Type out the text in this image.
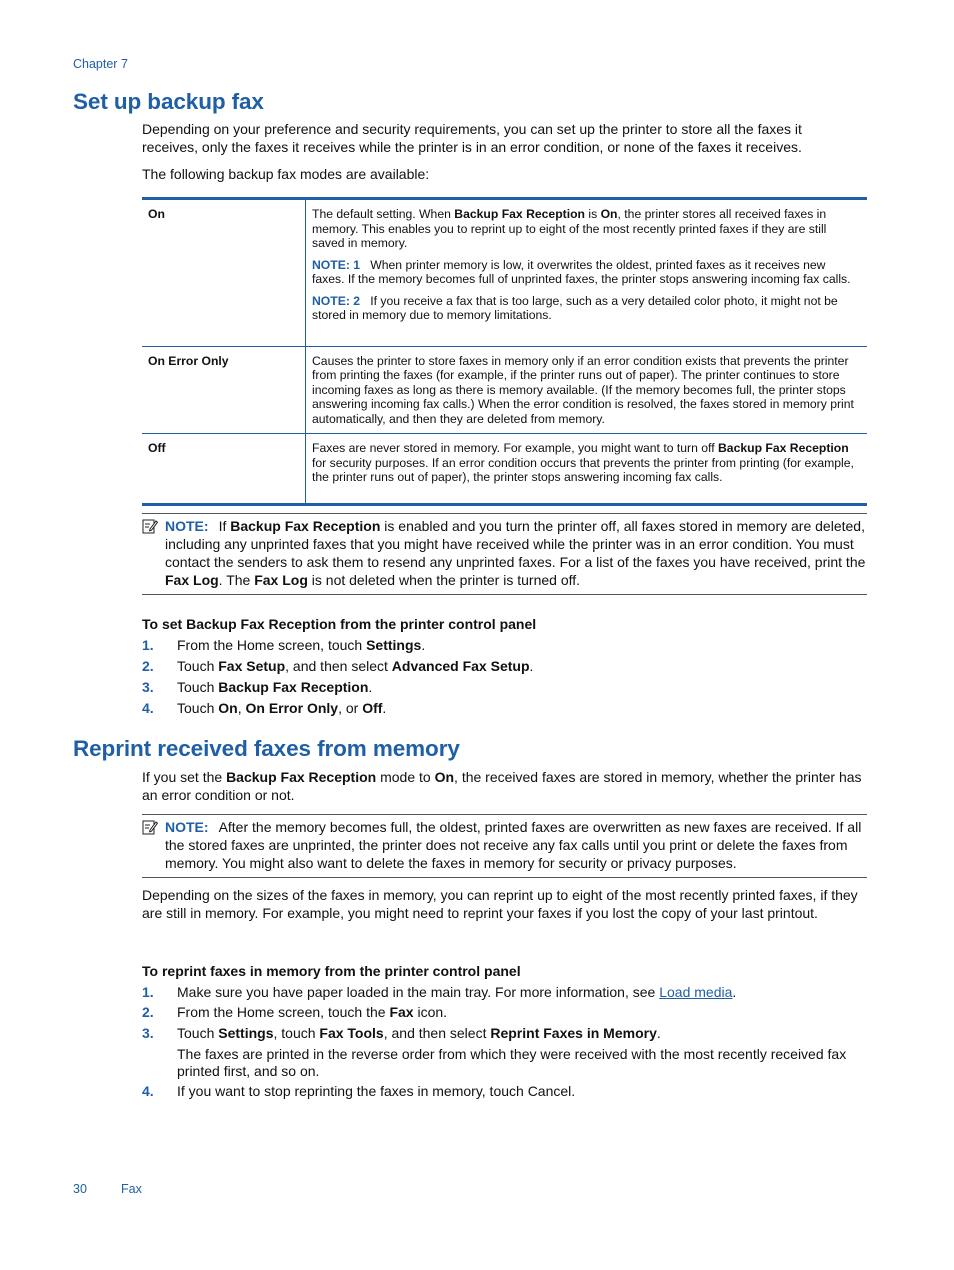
Chapter 7
Set up backup fax

Depending on your preference and security requirements, you can set up the printer to store all the faxes it receives, only the faxes it receives while the printer is in an error condition, or none of the faxes it receives.

The following backup fax modes are available:

On	The default setting. When Backup Fax Reception is On, the printer stores all received faxes in memory. This enables you to reprint up to eight of the most recently printed faxes if they are still saved in memory.

NOTE: 1 When printer memory is low, it overwrites the oldest, printed faxes as it receives new faxes. If the memory becomes full of unprinted faxes, the printer stops answering incoming fax calls.

NOTE: 2 If you receive a fax that is too large, such as a very detailed color photo, it might not be stored in memory due to memory limitations.

On Error Only	Causes the printer to store faxes in memory only if an error condition exists that prevents the printer from printing the faxes (for example, if the printer runs out of paper). The printer continues to store incoming faxes as long as there is memory available. (If the memory becomes full, the printer stops answering incoming fax calls.) When the error condition is resolved, the faxes stored in memory print automatically, and then they are deleted from memory.

Off	Faxes are never stored in memory. For example, you might want to turn off Backup Fax Reception for security purposes. If an error condition occurs that prevents the printer from printing (for example, the printer runs out of paper), the printer stops answering incoming fax calls.

NOTE: If Backup Fax Reception is enabled and you turn the printer off, all faxes stored in memory are deleted, including any unprinted faxes that you might have received while the printer was in an error condition. You must contact the senders to ask them to resend any unprinted faxes. For a list of the faxes you have received, print the Fax Log. The Fax Log is not deleted when the printer is turned off.
To set Backup Fax Reception from the printer control panel
1. From the Home screen, touch Settings.
2. Touch Fax Setup, and then select Advanced Fax Setup.
3. Touch Backup Fax Reception.
4. Touch On, On Error Only, or Off.
Reprint received faxes from memory

If you set the Backup Fax Reception mode to On, the received faxes are stored in memory, whether the printer has an error condition or not.

NOTE: After the memory becomes full, the oldest, printed faxes are overwritten as new faxes are received. If all the stored faxes are unprinted, the printer does not receive any fax calls until you print or delete the faxes from memory. You might also want to delete the faxes in memory for security or privacy purposes.

Depending on the sizes of the faxes in memory, you can reprint up to eight of the most recently printed faxes, if they are still in memory. For example, you might need to reprint your faxes if you lost the copy of your last printout.

To reprint faxes in memory from the printer control panel
1. Make sure you have paper loaded in the main tray. For more information, see Load media.
2. From the Home screen, touch the Fax icon.
3. Touch Settings, touch Fax Tools, and then select Reprint Faxes in Memory.
The faxes are printed in the reverse order from which they were received with the most recently received fax printed first, and so on.
4. If you want to stop reprinting the faxes in memory, touch Cancel.
30	Fax
